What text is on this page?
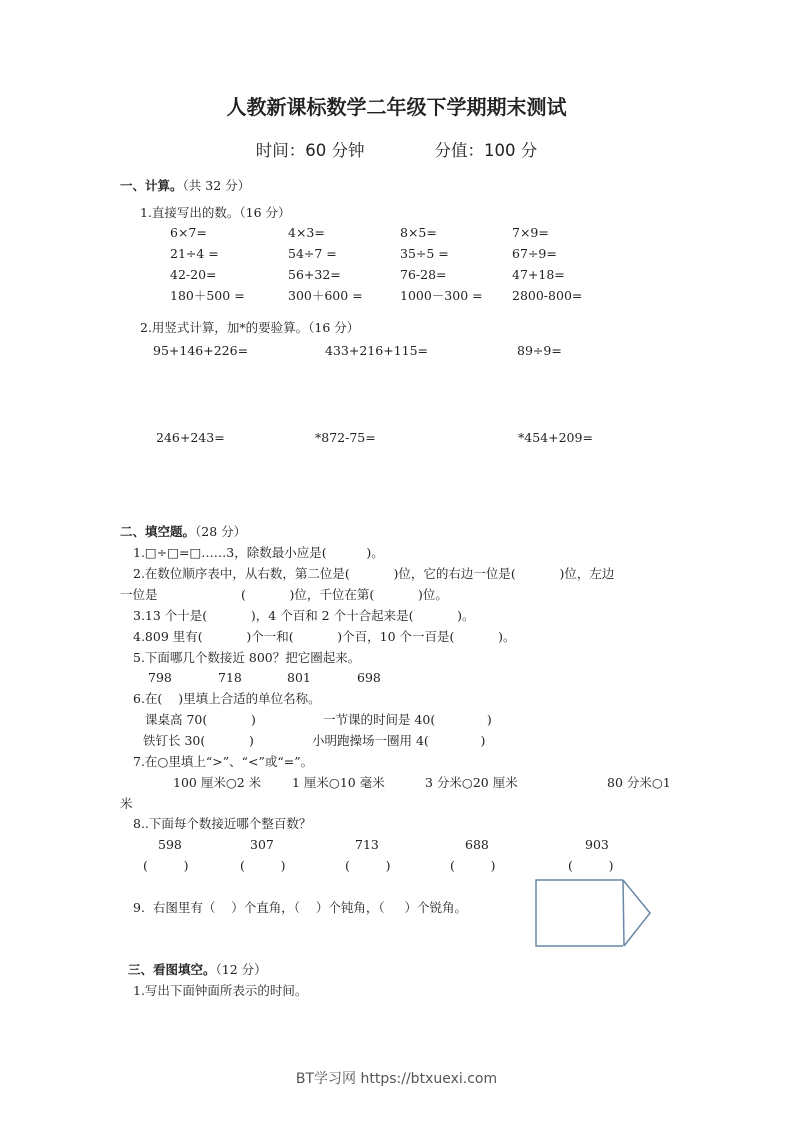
人教新课标数学二年级下学期期末测试
时间：60 分钟	分值：100 分
一、计算。（共 32 分）
1.直接写出的数。（16 分）
6×7=	4×3=	8×5=	7×9=
21÷4 =	54÷7 =	35÷5 =	67÷9=
42-20=	56+32=	76-28=	47+18=
180＋500 =	300＋600 =	1000－300 = 2800-800=
2.用竖式计算，加*的要验算。（16 分）
95+146+226=	433+216+115=	89÷9=
246+243=	*872-75=	*454+209=
二、填空题。（28 分）
1.□÷□=□……3，除数最小应是(          )。
2.在数位顺序表中，从右数，第二位是(           )位，它的右边一位是(           )位，左边
一位是                     (           )位，千位在第(           )位。
3.13 个十是(           )，4 个百和 2 个十合起来是(           )。
4.809 里有(           )个一和(           )个百，10 个一百是(           )。
5.下面哪几个数接近 800？把它圈起来。
798	718	801	698
6.在(    )里填上合适的单位名称。
课桌高 70(           )	一节课的时间是 40(             )
铁钉长 30(           )	小明跑操场一圈用 4(             )
7.在○里填上“>”、“<”或“=”。
100 厘米○2 米 1 厘米○10 毫米	3 分米○20 厘米	80 分米○1
米
8..下面每个数接近哪个整百数？
598	307	713	688	903
(         )	(         )	(         )	(         )	(         )
9.  右图里有（    ）个直角，（    ）个钝角，（     ）个锐角。
三、看图填空。（12 分）
1.写出下面钟面所表示的时间。
BT学习网 https://btxuexi.com
